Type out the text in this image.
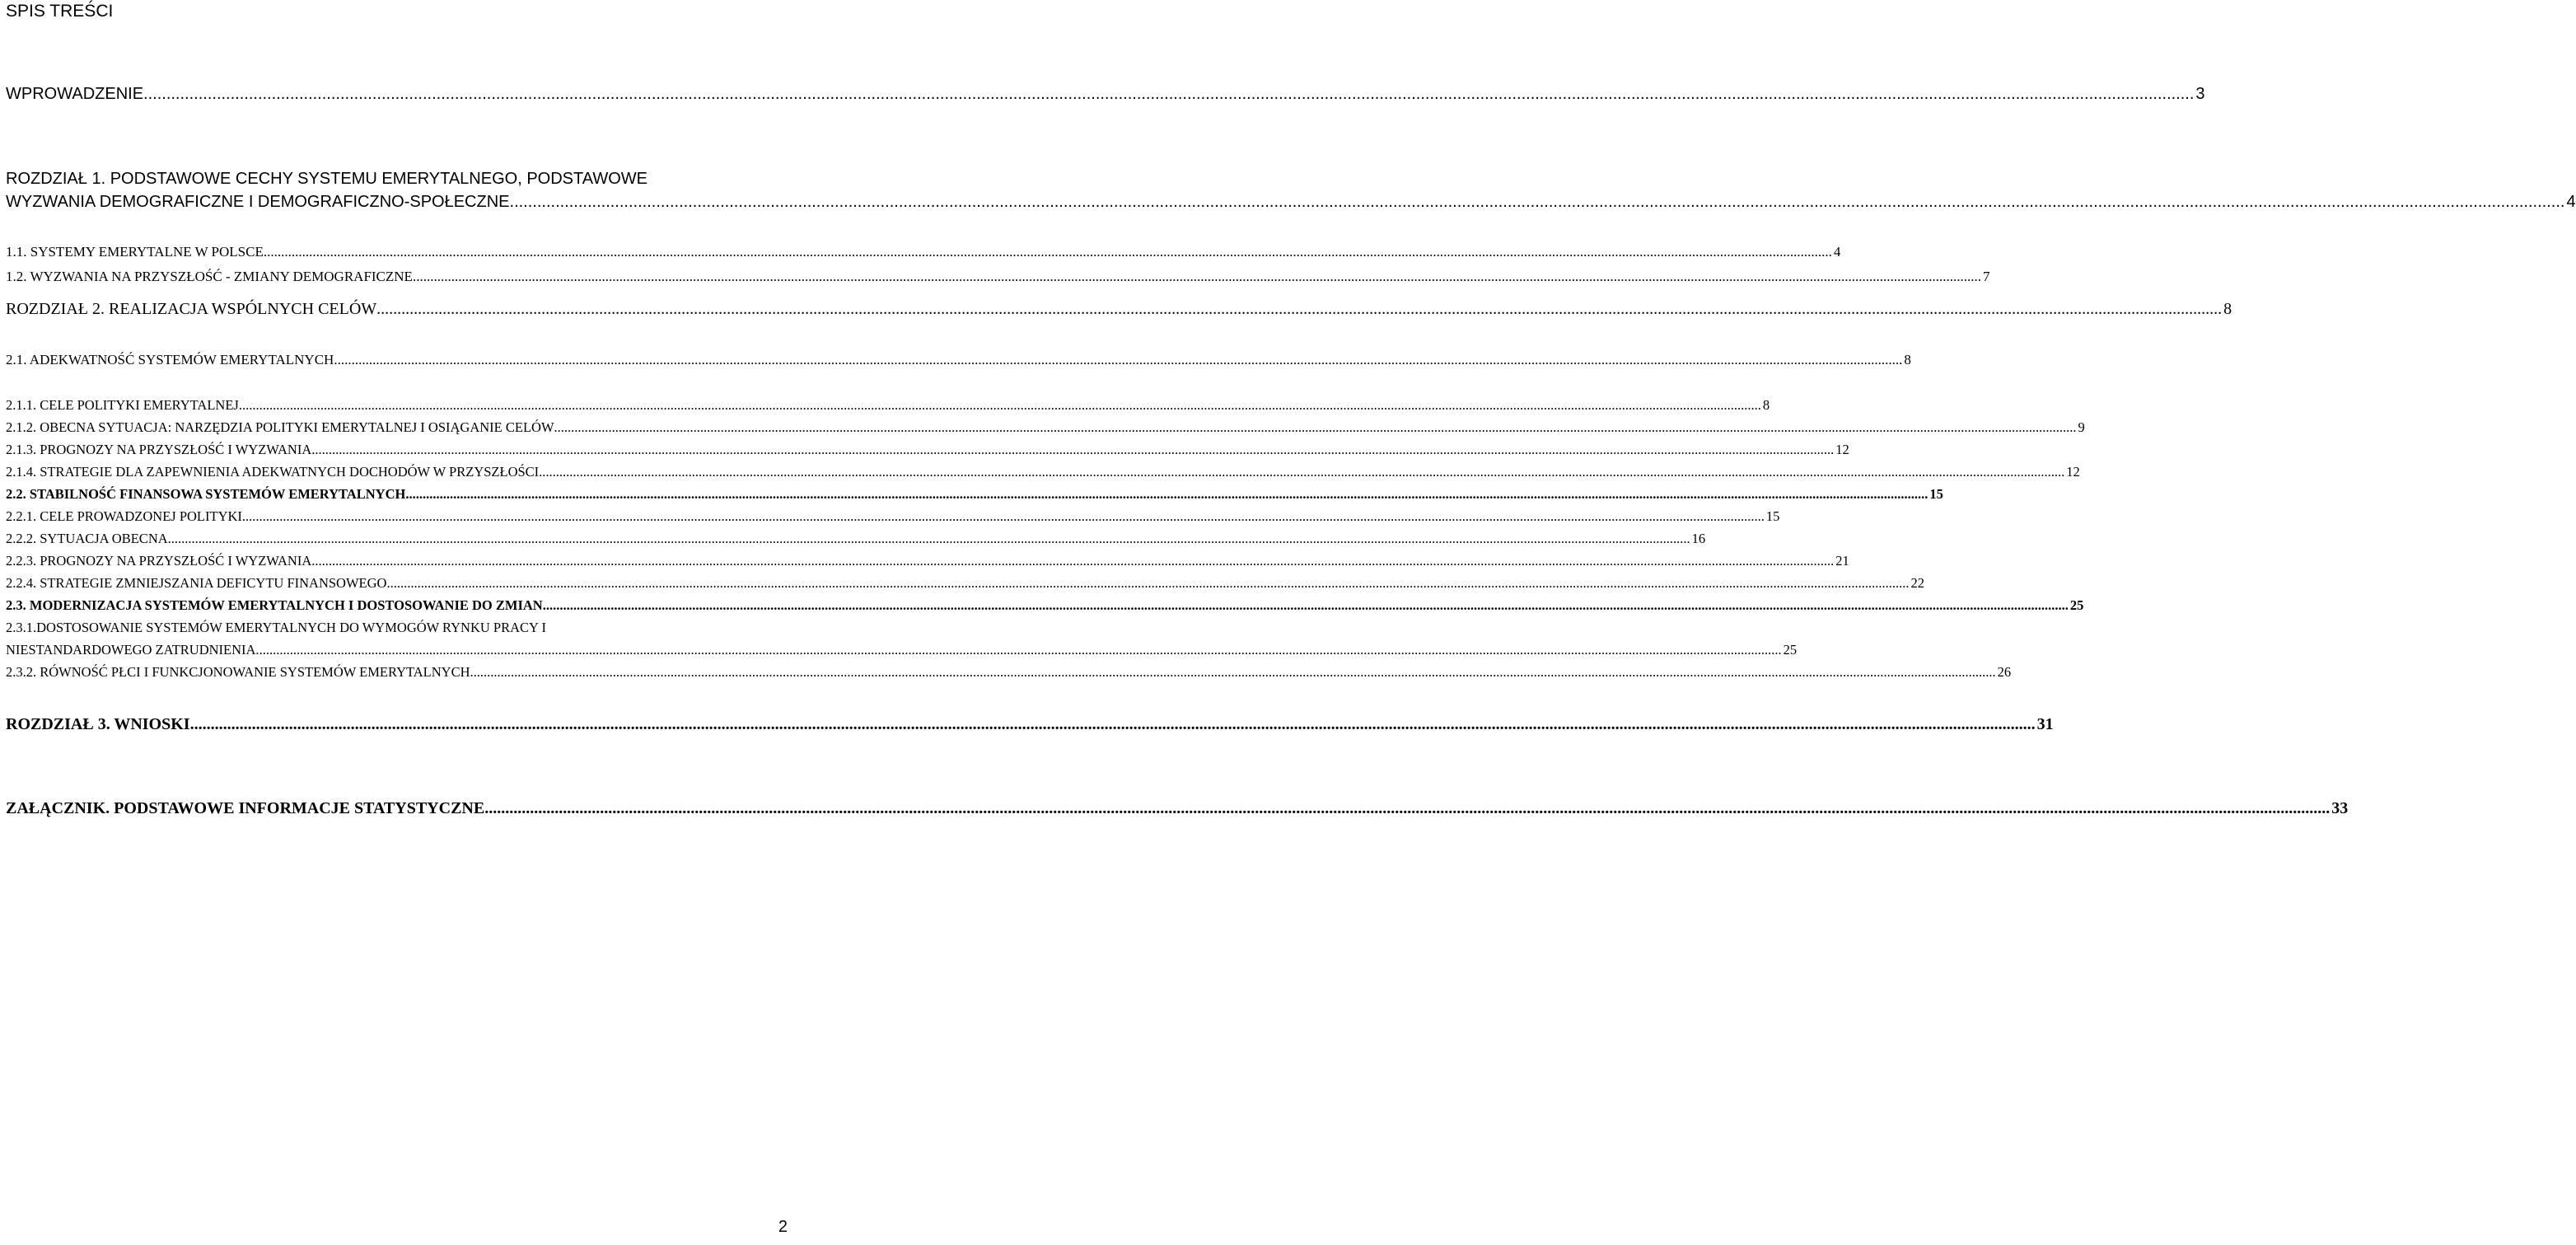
SPIS TREŚCI
WPROWADZENIE .....	3
ROZDZIAŁ 1. PODSTAWOWE CECHY SYSTEMU EMERYTALNEGO, PODSTAWOWE
WYZWANIA DEMOGRAFICZNE I DEMOGRAFICZNO-SPOŁECZNE. .....	4
1.1. SYSTEMY EMERYTALNE W POLSCE .....	4
1.2. WYZWANIA NA PRZYSZŁOŚĆ - ZMIANY DEMOGRAFICZNE .....	7
ROZDZIAŁ 2. REALIZACJA WSPÓLNYCH CELÓW .....	8
2.1. ADEKWATNOŚĆ SYSTEMÓW EMERYTALNYCH .....	8
2.1.1. CELE POLITYKI EMERYTALNEJ .....	8
2.1.2. OBECNA SYTUACJA: NARZĘDZIA POLITYKI EMERYTALNEJ I OSIĄGANIE CELÓW .....	9
2.1.3. PROGNOZY NA PRZYSZŁOŚĆ I WYZWANIA .....	12
2.1.4. STRATEGIE DLA ZAPEWNIENIA ADEKWATNYCH DOCHODÓW W PRZYSZŁOŚCI. .....	12
2.2. STABILNOŚĆ FINANSOWA SYSTEMÓW EMERYTALNYCH .....	15
2.2.1. CELE PROWADZONEJ POLITYKI .....	15
2.2.2. SYTUACJA OBECNA .....	16
2.2.3. PROGNOZY NA PRZYSZŁOŚĆ I WYZWANIA .....	21
2.2.4. STRATEGIE ZMNIEJSZANIA DEFICYTU FINANSOWEGO .....	22
2.3. MODERNIZACJA SYSTEMÓW EMERYTALNYCH I DOSTOSOWANIE DO ZMIAN. .....	25
2.3.1.DOSTOSOWANIE SYSTEMÓW EMERYTALNYCH DO WYMOGÓW RYNKU PRACY I
NIESTANDARDOWEGO ZATRUDNIENIA. .....	25
2.3.2. RÓWNOŚĆ PŁCI I FUNKCJONOWANIE SYSTEMÓW EMERYTALNYCH. .....	26
ROZDZIAŁ 3. WNIOSKI .....	31
ZAŁĄCZNIK. PODSTAWOWE INFORMACJE STATYSTYCZNE .....	33
2
